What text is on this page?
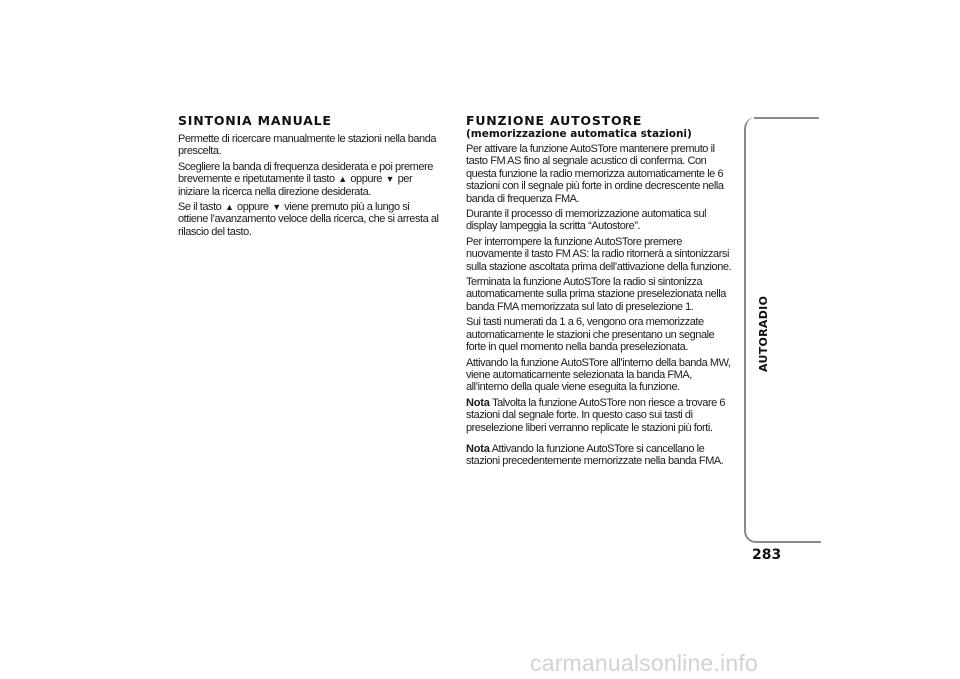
SINTONIA MANUALE

Permette di ricercare manualmente le stazioni nella banda prescelta.

Scegliere la banda di frequenza desiderata e poi premere brevemente e ripetutamente il tasto ▲ oppure ▼ per iniziare la ricerca nella direzione desiderata.

Se il tasto ▲ oppure ▼ viene premuto più a lungo si ottiene l’avanzamento veloce della ricerca, che si arresta al rilascio del tasto.

FUNZIONE AUTOSTORE
(memorizzazione automatica stazioni)

Per attivare la funzione AutoSTore mantenere premuto il tasto FM AS fino al segnale acustico di conferma. Con questa funzione la radio memorizza automaticamente le 6 stazioni con il segnale più forte in ordine decrescente nella banda di frequenza FMA.

Durante il processo di memorizzazione automatica sul display lampeggia la scritta “Autostore”.

Per interrompere la funzione AutoSTore premere nuovamente il tasto FM AS: la radio ritornerà a sintonizzarsi sulla stazione ascoltata prima dell’attivazione della funzione.

Terminata la funzione AutoSTore la radio si sintonizza automaticamente sulla prima stazione preselezionata nella banda FMA memorizzata sul lato di preselezione 1.

Sui tasti numerati da 1 a 6, vengono ora memorizzate automaticamente le stazioni che presentano un segnale forte in quel momento nella banda preselezionata.

Attivando la funzione AutoSTore all’interno della banda MW, viene automaticamente selezionata la banda FMA, all’interno della quale viene eseguita la funzione.

Nota Talvolta la funzione AutoSTore non riesce a trovare 6 stazioni dal segnale forte. In questo caso sui tasti di preselezione liberi verranno replicate le stazioni più forti.

Nota Attivando la funzione AutoSTore si cancellano le stazioni precedentemente memorizzate nella banda FMA.

AUTORADIO
283
carmanualsonline.info
